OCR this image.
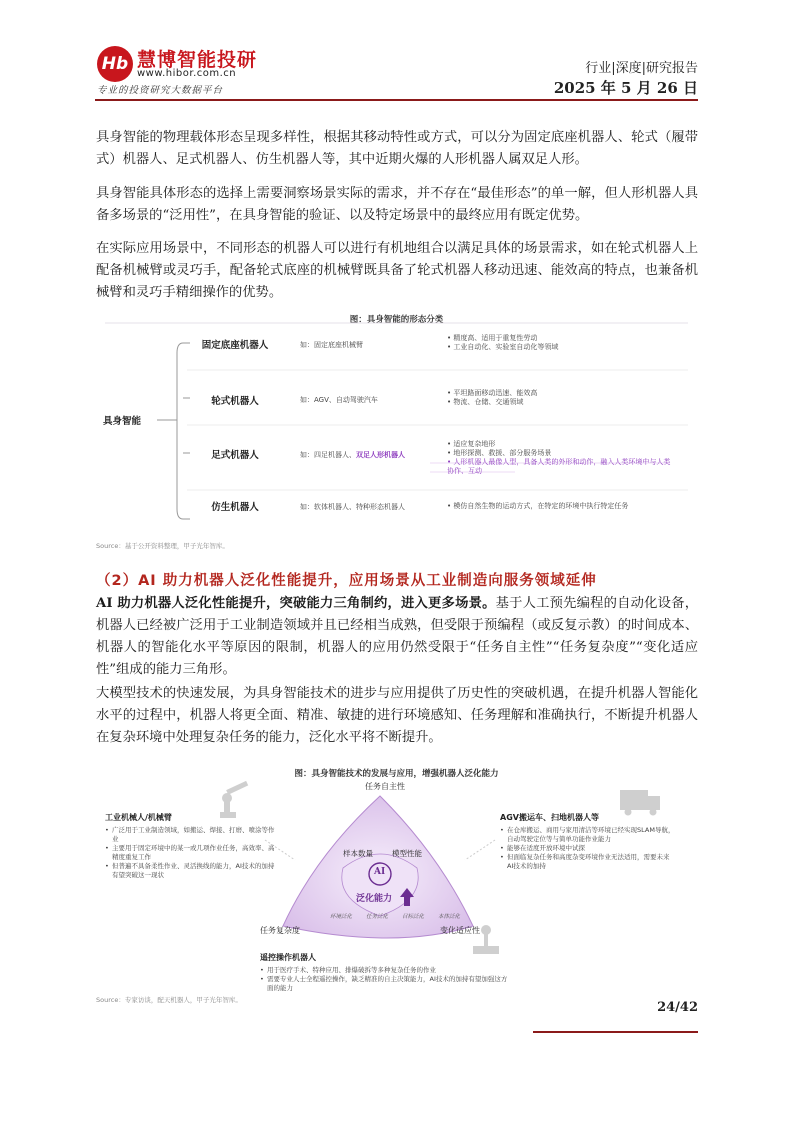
Hb 慧博智能投研
www.hibor.com.cn
专业的投资研究大数据平台
行业|深度|研究报告
2025 年 5 月 26 日
具身智能的物理载体形态呈现多样性，根据其移动特性或方式，可以分为固定底座机器人、轮式（履带式）机器人、足式机器人、仿生机器人等，其中近期火爆的人形机器人属双足人形。
具身智能具体形态的选择上需要洞察场景实际的需求，并不存在“最佳形态”的单一解，但人形机器人具备多场景的“泛用性”，在具身智能的验证、以及特定场景中的最终应用有既定优势。
在实际应用场景中，不同形态的机器人可以进行有机地组合以满足具体的场景需求，如在轮式机器人上配备机械臂或灵巧手，配备轮式底座的机械臂既具备了轮式机器人移动迅速、能效高的特点，也兼备机械臂和灵巧手精细操作的优势。
图：具身智能的形态分类
具身智能
固定底座机器人	如：固定底座机械臂
• 精度高、适用于重复性劳动
• 工业自动化、实验室自动化等领域
轮式机器人	如：AGV、自动驾驶汽车
• 平坦路面移动迅速、能效高
• 物流、仓储、交通领域
足式机器人	如：四足机器人、双足人形机器人
• 适应复杂地形
• 地形探测、救援、部分服务场景
• 人形机器人最像人型，具备人类的外形和动作，融入人类环境中与人类协作、互动
仿生机器人	如：软体机器人、特种形态机器人
•	模仿自然生物的运动方式，在特定的环境中执行特定任务
Source：基于公开资料整理，甲子光年智库。
（2）AI 助力机器人泛化性能提升，应用场景从工业制造向服务领域延伸
AI 助力机器人泛化性能提升，突破能力三角制约，进入更多场景。基于人工预先编程的自动化设备，机器人已经被广泛用于工业制造领域并且已经相当成熟，但受限于预编程（或反复示教）的时间成本、机器人的智能化水平等原因的限制，机器人的应用仍然受限于“任务自主性”“任务复杂度”“变化适应性”组成的能力三角形。
大模型技术的快速发展，为具身智能技术的进步与应用提供了历史性的突破机遇，在提升机器人智能化水平的过程中，机器人将更全面、精准、敏捷的进行环境感知、任务理解和准确执行，不断提升机器人在复杂环境中处理复杂任务的能力，泛化水平将不断提升。
图：具身智能技术的发展与应用，增强机器人泛化能力
任务自主性
任务复杂度	变化适应性
样本数量	模型性能
AI
泛化能力
环境泛化	任务泛化	目标泛化	本体泛化
工业机械人/机械臂
• 广泛用于工业制造领域，如搬运、焊接、打磨、喷涂等作业
• 主要用于固定环境中的某一或几项作业任务，高效率、高精度重复工作
• 但普遍不具备柔性作业、灵活换线的能力，AI技术的加持有望突破这一现状
AGV搬运车、扫地机器人等
• 在仓库搬运、商用与家用清洁等环境已经实现SLAM导航，自动驾驶定位等与简单功能作业能力
• 能够在适度开放环境中试探
• 但面临复杂任务和高度杂变环境作业无法适用，需要未来AI技术的加持
遥控操作机器人
• 用于医疗手术、特种应用、排爆破拆等多种复杂任务的作业
• 需要专业人士全程遥控操作，缺乏精准的自主决策能力，AI技术的加持有望加强这方面的能力
Source：专家访谈，配天机器人，甲子光年智库。	24/42
